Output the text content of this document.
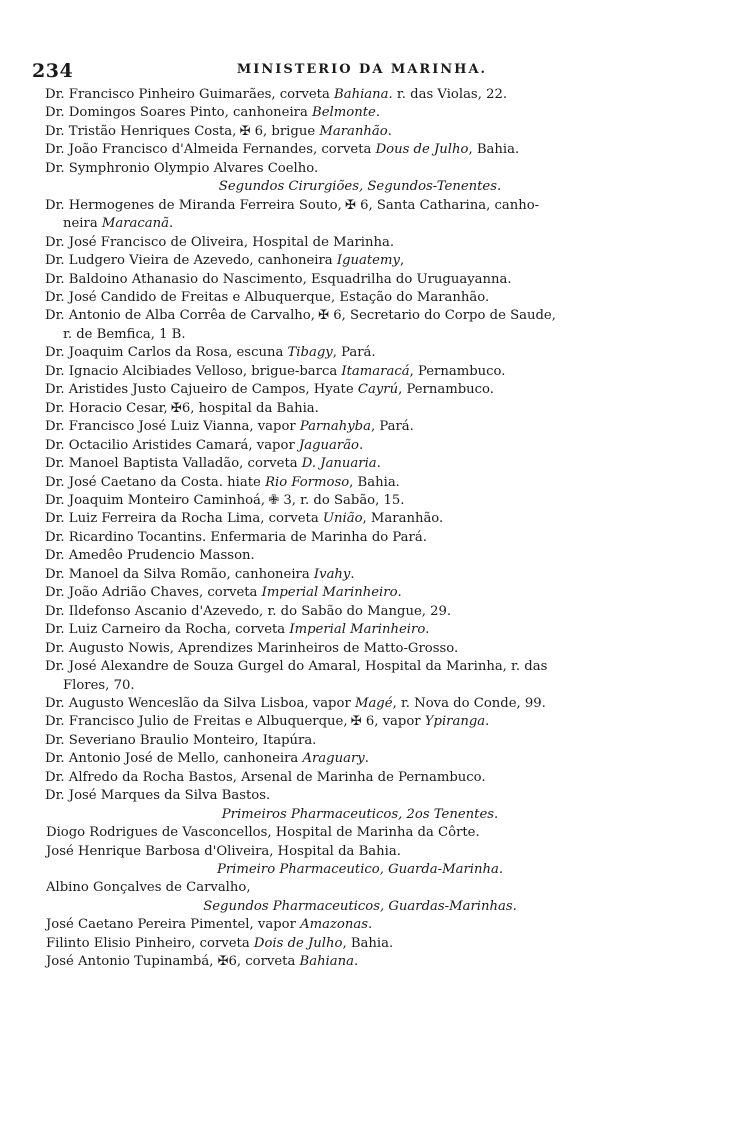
234	MINISTERIO DA MARINHA.
Dr. Francisco Pinheiro Guimarães, corveta Bahiana. r. das Violas, 22.
Dr. Domingos Soares Pinto, canhoneira Belmonte.
Dr. Tristão Henriques Costa, ✠ 6, brigue Maranhão.
Dr. João Francisco d'Almeida Fernandes, corveta Dous de Julho, Bahia.
Dr. Symphronio Olympio Alvares Coelho.
Segundos Cirurgiões, Segundos-Tenentes.
Dr. Hermogenes de Miranda Ferreira Souto, ✠ 6, Santa Catharina, canho-
neira Maracanã.
Dr. José Francisco de Oliveira, Hospital de Marinha.
Dr. Ludgero Vieira de Azevedo, canhoneira Iguatemy,
Dr. Baldoino Athanasio do Nascimento, Esquadrilha do Uruguayanna.
Dr. José Candido de Freitas e Albuquerque, Estação do Maranhão.
Dr. Antonio de Alba Corrêa de Carvalho, ✠ 6, Secretario do Corpo de Saude,
r. de Bemfica, 1 B.
Dr. Joaquim Carlos da Rosa, escuna Tibagy, Pará.
Dr. Ignacio Alcibiades Velloso, brigue-barca Itamaracá, Pernambuco.
Dr. Aristides Justo Cajueiro de Campos, Hyate Cayrú, Pernambuco.
Dr. Horacio Cesar, ✠6, hospital da Bahia.
Dr. Francisco José Luiz Vianna, vapor Parnahyba, Pará.
Dr. Octacilio Aristides Camará, vapor Jaguarão.
Dr. Manoel Baptista Valladão, corveta D. Januaria.
Dr. José Caetano da Costa. hiate Rio Formoso, Bahia.
Dr. Joaquim Monteiro Caminhoá, ✙ 3, r. do Sabão, 15.
Dr. Luiz Ferreira da Rocha Lima, corveta União, Maranhão.
Dr. Ricardino Tocantins. Enfermaria de Marinha do Pará.
Dr. Amedêo Prudencio Masson.
Dr. Manoel da Silva Romão, canhoneira Ivahy.
Dr. João Adrião Chaves, corveta Imperial Marinheiro.
Dr. Ildefonso Ascanio d'Azevedo, r. do Sabão do Mangue, 29.
Dr. Luiz Carneiro da Rocha, corveta Imperial Marinheiro.
Dr. Augusto Nowis, Aprendizes Marinheiros de Matto-Grosso.
Dr. José Alexandre de Souza Gurgel do Amaral, Hospital da Marinha, r. das
Flores, 70.
Dr. Augusto Wenceslão da Silva Lisboa, vapor Magé, r. Nova do Conde, 99.
Dr. Francisco Julio de Freitas e Albuquerque, ✠ 6, vapor Ypiranga.
Dr. Severiano Braulio Monteiro, Itapúra.
Dr. Antonio José de Mello, canhoneira Araguary.
Dr. Alfredo da Rocha Bastos, Arsenal de Marinha de Pernambuco.
Dr. José Marques da Silva Bastos.
Primeiros Pharmaceuticos, 2os Tenentes.
Diogo Rodrigues de Vasconcellos, Hospital de Marinha da Côrte.
José Henrique Barbosa d'Oliveira, Hospital da Bahia.
Primeiro Pharmaceutico, Guarda-Marinha.
Albino Gonçalves de Carvalho,
Segundos Pharmaceuticos, Guardas-Marinhas.
José Caetano Pereira Pimentel, vapor Amazonas.
Filinto Elisio Pinheiro, corveta Dois de Julho, Bahia.
José Antonio Tupinambá, ✠6, corveta Bahiana.
